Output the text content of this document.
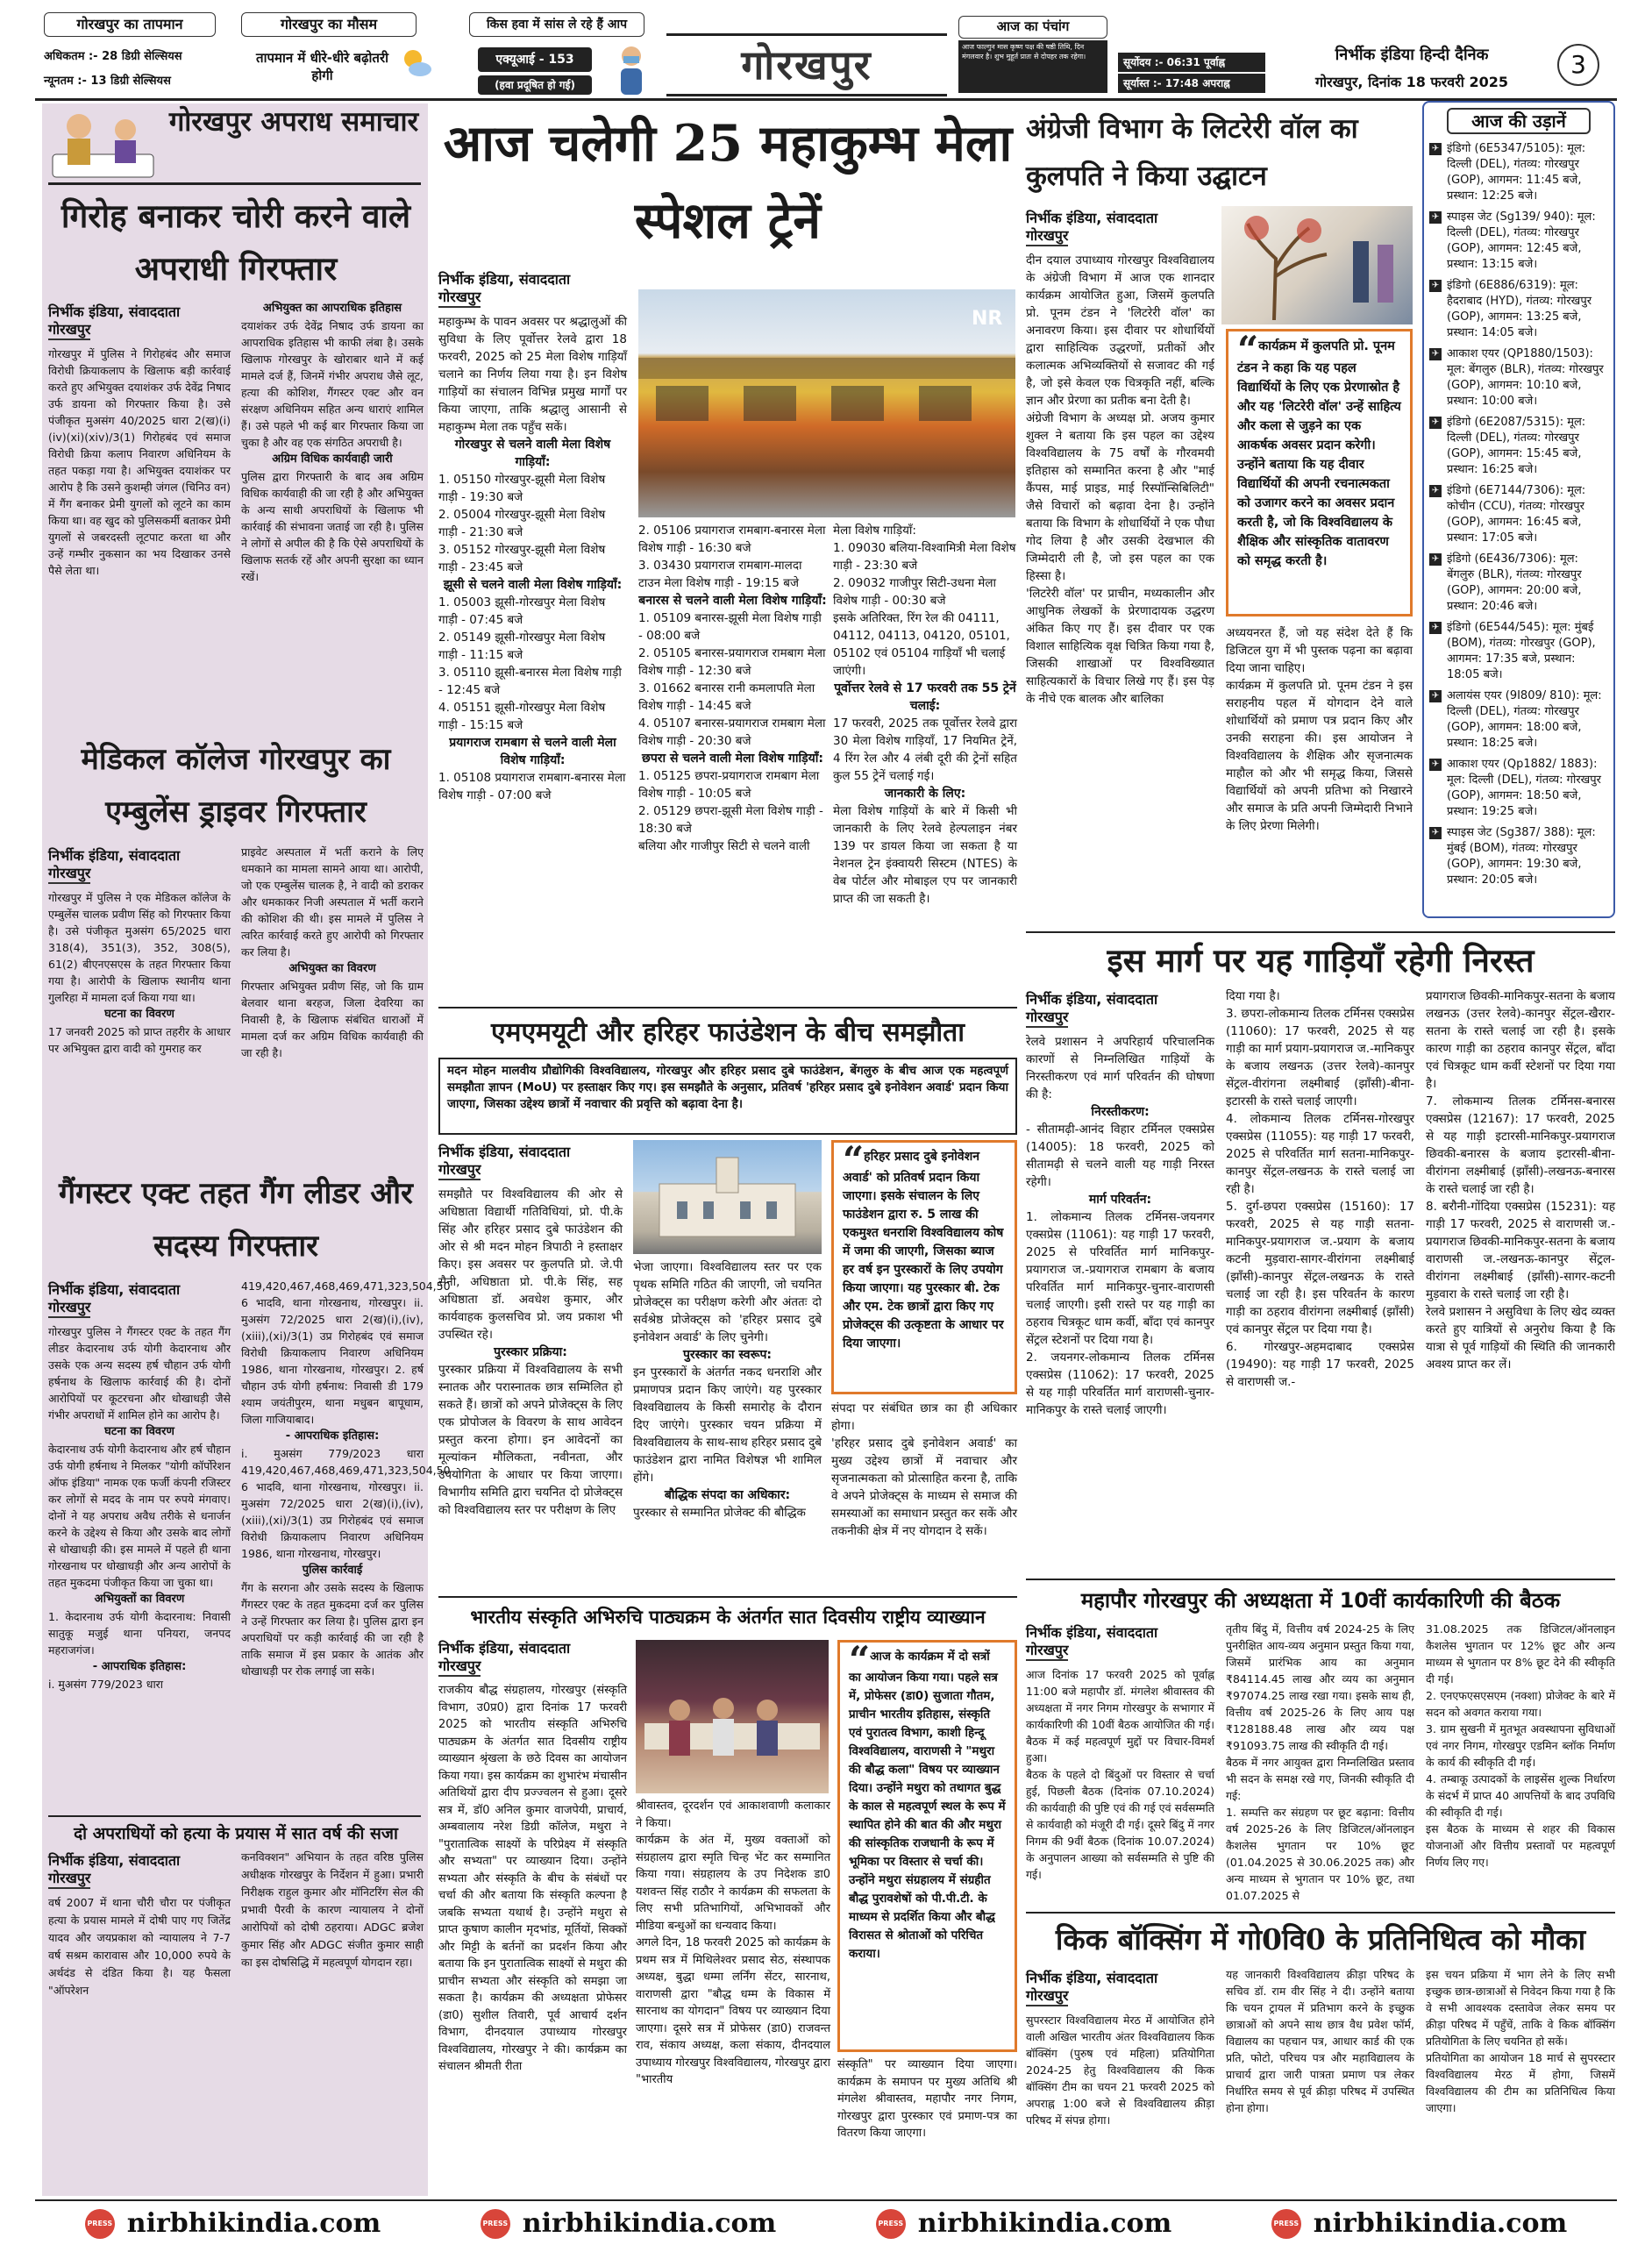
गोरखपुर का तापमान
अधिकतम :- 28 डिग्री सेल्सियस
न्यूनतम :- 13 डिग्री सेल्सियस
गोरखपुर का मौसम
तापमान में धीरे-धीरे बढ़ोतरी होगी
किस हवा में सांस ले रहे हैं आप
एक्यूआई - 153
(हवा प्रदूषित हो गई)	गोरखपुर
आज का पंचांग
आज फाल्गुन मास कृष्ण पक्ष की षष्ठी तिथि, दिन मंगलवार है। शुभ मुहूर्त प्रातः से दोपहर तक रहेगा।	सूर्योदय :- 06:31 पूर्वाह्न
सूर्यास्त :- 17:48 अपराह्न
निर्भीक इंडिया हिन्दी दैनिक
गोरखपुर, दिनांक 18 फरवरी 2025
3
गोरखपुर अपराध समाचार
गिरोह बनाकर चोरी करने वाले अपराधी गिरफ्तार
निर्भीक इंडिया, संवाददाता
गोरखपुर
गोरखपुर में पुलिस ने गिरोहबंद और समाज विरोधी क्रियाकलाप के खिलाफ बड़ी कार्रवाई करते हुए अभियुक्त दयाशंकर उर्फ देवेंद्र निषाद उर्फ डायना को गिरफ्तार किया है। उसे पंजीकृत मुअसंग 40/2025 धारा 2(ख)(i)(iv)(xi)(xiv)/3(1) गिरोहबंद एवं समाज विरोधी क्रिया कलाप निवारण अधिनियम के तहत पकड़ा गया है। अभियुक्त दयाशंकर पर आरोप है कि उसने कुशम्ही जंगल (चिनिउ वन) में गैंग बनाकर प्रेमी युगलों को लूटने का काम किया था। वह खुद को पुलिसकर्मी बताकर प्रेमी युगलों से जबरदस्ती लूटपाट करता था और उन्हें गम्भीर नुकसान का भय दिखाकर उनसे पैसे लेता था।
अभियुक्त का आपराधिक इतिहास
दयाशंकर उर्फ देवेंद्र निषाद उर्फ डायना का आपराधिक इतिहास भी काफी लंबा है। उसके खिलाफ गोरखपुर के खोराबार थाने में कई मामले दर्ज हैं, जिनमें गंभीर अपराध जैसे लूट, हत्या की कोशिश, गैंगस्टर एक्ट और वन संरक्षण अधिनियम सहित अन्य धाराएं शामिल हैं। उसे पहले भी कई बार गिरफ्तार किया जा चुका है और वह एक संगठित अपराधी है।
अग्रिम विधिक कार्यवाही जारी
पुलिस द्वारा गिरफ्तारी के बाद अब अग्रिम विधिक कार्यवाही की जा रही है और अभियुक्त के अन्य साथी अपराधियों के खिलाफ भी कार्रवाई की संभावना जताई जा रही है। पुलिस ने लोगों से अपील की है कि ऐसे अपराधियों के खिलाफ सतर्क रहें और अपनी सुरक्षा का ध्यान रखें।
मेडिकल कॉलेज गोरखपुर का एम्बुलेंस ड्राइवर गिरफ्तार
निर्भीक इंडिया, संवाददाता
गोरखपुर
गोरखपुर में पुलिस ने एक मेडिकल कॉलेज के एम्बुलेंस चालक प्रवीण सिंह को गिरफ्तार किया है। उसे पंजीकृत मुअसंग 65/2025 धारा 318(4), 351(3), 352, 308(5), 61(2) बीएनएसएस के तहत गिरफ्तार किया गया है। आरोपी के खिलाफ स्थानीय थाना गुलरिहा में मामला दर्ज किया गया था।
घटना का विवरण
17 जनवरी 2025 को प्राप्त तहरीर के आधार पर अभियुक्त द्वारा वादी को गुमराह कर
प्राइवेट अस्पताल में भर्ती कराने के लिए धमकाने का मामला सामने आया था। आरोपी, जो एक एम्बुलेंस चालक है, ने वादी को डराकर और धमकाकर निजी अस्पताल में भर्ती कराने की कोशिश की थी। इस मामले में पुलिस ने त्वरित कार्रवाई करते हुए आरोपी को गिरफ्तार कर लिया है।
अभियुक्त का विवरण
गिरफ्तार अभियुक्त प्रवीण सिंह, जो कि ग्राम बेलवार थाना बरहज, जिला देवरिया का निवासी है, के खिलाफ संबंधित धाराओं में मामला दर्ज कर अग्रिम विधिक कार्यवाही की जा रही है।
गैंगस्टर एक्ट तहत गैंग लीडर और सदस्य गिरफ्तार
निर्भीक इंडिया, संवाददाता
गोरखपुर
गोरखपुर पुलिस ने गैंगस्टर एक्ट के तहत गैंग लीडर केदारनाथ उर्फ योगी केदारनाथ और उसके एक अन्य सदस्य हर्ष चौहान उर्फ योगी हर्षनाथ के खिलाफ कार्रवाई की है। दोनों आरोपियों पर कूटरचना और धोखाधड़ी जैसे गंभीर अपराधों में शामिल होने का आरोप है।
घटना का विवरण
केदारनाथ उर्फ योगी केदारनाथ और हर्ष चौहान उर्फ योगी हर्षनाथ ने मिलकर "योगी कॉर्पोरेशन ऑफ इंडिया" नामक एक फर्जी कंपनी रजिस्टर कर लोगों से मदद के नाम पर रुपये मंगवाए। दोनों ने यह अपराध अवैध तरीके से धनार्जन करने के उद्देश्य से किया और उसके बाद लोगों से धोखाधड़ी की। इस मामले में पहले ही थाना गोरखनाथ पर धोखाधड़ी और अन्य आरोपों के तहत मुकदमा पंजीकृत किया जा चुका था।
अभियुक्तों का विवरण
1. केदारनाथ उर्फ योगी केदारनाथ: निवासी सातुकू मजुई थाना पनियरा, जनपद महराजगंज।
- आपराधिक इतिहास:
i. मुअसंग 779/2023 धारा
419,420,467,468,469,471,323,504,50 6 भादवि, थाना गोरखनाथ, गोरखपुर। ii. मुअसंग 72/2025 धारा 2(ख)(i),(iv),(xiii),(xi)/3(1) उप्र गिरोहबंद एवं समाज विरोधी क्रियाकलाप निवारण अधिनियम 1986, थाना गोरखनाथ, गोरखपुर। 2. हर्ष चौहान उर्फ योगी हर्षनाथ: निवासी डी 179 श्याम जयंतीपुरम, थाना मधुबन बापूधाम, जिला गाजियाबाद।
- आपराधिक इतिहास:
i. मुअसंग 779/2023 धारा 419,420,467,468,469,471,323,504,50 6 भादवि, थाना गोरखनाथ, गोरखपुर। ii. मुअसंग 72/2025 धारा 2(ख)(i),(iv),(xiii),(xi)/3(1) उप्र गिरोहबंद एवं समाज विरोधी क्रियाकलाप निवारण अधिनियम 1986, थाना गोरखनाथ, गोरखपुर।
पुलिस कार्रवाई
गैंग के सरगना और उसके सदस्य के खिलाफ गैंगस्टर एक्ट के तहत मुकदमा दर्ज कर पुलिस ने उन्हें गिरफ्तार कर लिया है। पुलिस द्वारा इन अपराधियों पर कड़ी कार्रवाई की जा रही है ताकि समाज में इस प्रकार के आतंक और धोखाधड़ी पर रोक लगाई जा सके।
दो अपराधियों को हत्या के प्रयास में सात वर्ष की सजा
निर्भीक इंडिया, संवाददाता
गोरखपुर
वर्ष 2007 में थाना चौरी चौरा पर पंजीकृत हत्या के प्रयास मामले में दोषी पाए गए जितेंद्र यादव और जयप्रकाश को न्यायालय ने 7-7 वर्ष सश्रम कारावास और 10,000 रुपये के अर्थदंड से दंडित किया है। यह फैसला "ऑपरेशन
कनविक्शन" अभियान के तहत वरिष्ठ पुलिस अधीक्षक गोरखपुर के निर्देशन में हुआ। प्रभारी निरीक्षक राहुल कुमार और मॉनिटरिंग सेल की प्रभावी पैरवी के कारण न्यायालय ने दोनों आरोपियों को दोषी ठहराया। ADGC ब्रजेश कुमार सिंह और ADGC संजीत कुमार साही का इस दोषसिद्धि में महत्वपूर्ण योगदान रहा।
आज चलेगी 25 महाकुम्भ मेला स्पेशल ट्रेनें
निर्भीक इंडिया, संवाददाता
गोरखपुर
महाकुम्भ के पावन अवसर पर श्रद्धालुओं की सुविधा के लिए पूर्वोत्तर रेलवे द्वारा 18 फरवरी, 2025 को 25 मेला विशेष गाड़ियाँ चलाने का निर्णय लिया गया है। इन विशेष गाड़ियों का संचालन विभिन्न प्रमुख मार्गों पर किया जाएगा, ताकि श्रद्धालु आसानी से महाकुम्भ मेला तक पहुँच सकें।
गोरखपुर से चलने वाली मेला विशेष गाड़ियाँ:
1. 05150 गोरखपुर-झूसी मेला विशेष गाड़ी - 19:30 बजे
2. 05004 गोरखपुर-झूसी मेला विशेष गाड़ी - 21:30 बजे
3. 05152 गोरखपुर-झूसी मेला विशेष गाड़ी - 23:45 बजे
झूसी से चलने वाली मेला विशेष गाड़ियाँ:
1. 05003 झूसी-गोरखपुर मेला विशेष गाड़ी - 07:45 बजे
2. 05149 झूसी-गोरखपुर मेला विशेष गाड़ी - 11:15 बजे
3. 05110 झूसी-बनारस मेला विशेष गाड़ी - 12:45 बजे
4. 05151 झूसी-गोरखपुर मेला विशेष गाड़ी - 15:15 बजे
प्रयागराज रामबाग से चलने वाली मेला विशेष गाड़ियाँ:
1. 05108 प्रयागराज रामबाग-बनारस मेला विशेष गाड़ी - 07:00 बजे
NR
2. 05106 प्रयागराज रामबाग-बनारस मेला विशेष गाड़ी - 16:30 बजे
3. 03430 प्रयागराज रामबाग-मालदा टाउन मेला विशेष गाड़ी - 19:15 बजे
बनारस से चलने वाली मेला विशेष गाड़ियाँ:
1. 05109 बनारस-झूसी मेला विशेष गाड़ी - 08:00 बजे
2. 05105 बनारस-प्रयागराज रामबाग मेला विशेष गाड़ी - 12:30 बजे
3. 01662 बनारस रानी कमलापति मेला विशेष गाड़ी - 14:45 बजे
4. 05107 बनारस-प्रयागराज रामबाग मेला विशेष गाड़ी - 20:30 बजे
छपरा से चलने वाली मेला विशेष गाड़ियाँ:
1. 05125 छपरा-प्रयागराज रामबाग मेला विशेष गाड़ी - 10:05 बजे
2. 05129 छपरा-झूसी मेला विशेष गाड़ी - 18:30 बजे
बलिया और गाजीपुर सिटी से चलने वाली
मेला विशेष गाड़ियाँ:
1. 09030 बलिया-विश्वामित्री मेला विशेष गाड़ी - 23:30 बजे
2. 09032 गाजीपुर सिटी-उधना मेला विशेष गाड़ी - 00:30 बजे
इसके अतिरिक्त, रिंग रेल की 04111, 04112, 04113, 04120, 05101, 05102 एवं 05104 गाड़ियाँ भी चलाई जाएंगी।
पूर्वोत्तर रेलवे से 17 फरवरी तक 55 ट्रेनें चलाई:
17 फरवरी, 2025 तक पूर्वोत्तर रेलवे द्वारा 30 मेला विशेष गाड़ियाँ, 17 नियमित ट्रेनें, 4 रिंग रेल और 4 लंबी दूरी की ट्रेनों सहित कुल 55 ट्रेनें चलाई गई।
जानकारी के लिए:
मेला विशेष गाड़ियों के बारे में किसी भी जानकारी के लिए रेलवे हेल्पलाइन नंबर 139 पर डायल किया जा सकता है या नेशनल ट्रेन इंक्वायरी सिस्टम (NTES) के वेब पोर्टल और मोबाइल एप पर जानकारी प्राप्त की जा सकती है।
एमएमयूटी और हरिहर फाउंडेशन के बीच समझौता
मदन मोहन मालवीय प्रौद्योगिकी विश्वविद्यालय, गोरखपुर और हरिहर प्रसाद दुबे फाउंडेशन, बेंगलुरु के बीच आज एक महत्वपूर्ण समझौता ज्ञापन (MoU) पर हस्ताक्षर किए गए। इस समझौते के अनुसार, प्रतिवर्ष 'हरिहर प्रसाद दुबे इनोवेशन अवार्ड' प्रदान किया जाएगा, जिसका उद्देश्य छात्रों में नवाचार की प्रवृत्ति को बढ़ावा देना है।
निर्भीक इंडिया, संवाददाता
गोरखपुर
समझौते पर विश्वविद्यालय की ओर से अधिष्ठाता विद्यार्थी गतिविधियां, प्रो. पी.के सिंह और हरिहर प्रसाद दुबे फाउंडेशन की ओर से श्री मदन मोहन त्रिपाठी ने हस्ताक्षर किए। इस अवसर पर कुलपति प्रो. जे.पी सैनी, अधिष्ठाता प्रो. पी.के सिंह, सह अधिष्ठाता डॉ. अवधेश कुमार, और कार्यवाहक कुलसचिव प्रो. जय प्रकाश भी उपस्थित रहे।
पुरस्कार प्रक्रिया:
पुरस्कार प्रक्रिया में विश्वविद्यालय के सभी स्नातक और परास्नातक छात्र सम्मिलित हो सकते हैं। छात्रों को अपने प्रोजेक्ट्स के लिए एक प्रोपोजल के विवरण के साथ आवेदन प्रस्तुत करना होगा। इन आवेदनों का मूल्यांकन मौलिकता, नवीनता, और उपयोगिता के आधार पर किया जाएगा। विभागीय समिति द्वारा चयनित दो प्रोजेक्ट्स को विश्वविद्यालय स्तर पर परीक्षण के लिए
भेजा जाएगा। विश्वविद्यालय स्तर पर एक पृथक समिति गठित की जाएगी, जो चयनित प्रोजेक्ट्स का परीक्षण करेगी और अंततः दो सर्वश्रेष्ठ प्रोजेक्ट्स को 'हरिहर प्रसाद दुबे इनोवेशन अवार्ड' के लिए चुनेगी।
पुरस्कार का स्वरूप:
इन पुरस्कारों के अंतर्गत नकद धनराशि और प्रमाणपत्र प्रदान किए जाएंगे। यह पुरस्कार विश्वविद्यालय के किसी समारोह के दौरान दिए जाएंगे। पुरस्कार चयन प्रक्रिया में विश्वविद्यालय के साथ-साथ हरिहर प्रसाद दुबे फाउंडेशन द्वारा नामित विशेषज्ञ भी शामिल होंगे।
बौद्धिक संपदा का अधिकार:
पुरस्कार से सम्मानित प्रोजेक्ट की बौद्धिक
“हरिहर प्रसाद दुबे इनोवेशन अवार्ड' को प्रतिवर्ष प्रदान किया जाएगा। इसके संचालन के लिए फाउंडेशन द्वारा रु. 5 लाख की एकमुश्त धनराशि विश्वविद्यालय कोष में जमा की जाएगी, जिसका ब्याज हर वर्ष इन पुरस्कारों के लिए उपयोग किया जाएगा। यह पुरस्कार बी. टेक और एम. टेक छात्रों द्वारा किए गए प्रोजेक्ट्स की उत्कृष्टता के आधार पर दिया जाएगा।
संपदा पर संबंधित छात्र का ही अधिकार होगा।
'हरिहर प्रसाद दुबे इनोवेशन अवार्ड' का मुख्य उद्देश्य छात्रों में नवाचार और सृजनात्मकता को प्रोत्साहित करना है, ताकि वे अपने प्रोजेक्ट्स के माध्यम से समाज की समस्याओं का समाधान प्रस्तुत कर सकें और तकनीकी क्षेत्र में नए योगदान दे सकें।
भारतीय संस्कृति अभिरुचि पाठ्यक्रम के अंतर्गत सात दिवसीय राष्ट्रीय व्याख्यान
निर्भीक इंडिया, संवाददाता
गोरखपुर
राजकीय बौद्ध संग्रहालय, गोरखपुर (संस्कृति विभाग, उ0प्र0) द्वारा दिनांक 17 फरवरी 2025 को भारतीय संस्कृति अभिरुचि पाठ्यक्रम के अंतर्गत सात दिवसीय राष्ट्रीय व्याख्यान श्रृंखला के छठे दिवस का आयोजन किया गया। इस कार्यक्रम का शुभारंभ मंचासीन अतिथियों द्वारा दीप प्रज्ज्वलन से हुआ। दूसरे सत्र में, डॉ0 अनिल कुमार वाजपेयी, प्राचार्य, अम्बवालाय नरेश डिग्री कॉलेज, मथुरा ने "पुरातात्विक साक्ष्यों के परिप्रेक्ष्य में संस्कृति और सभ्यता" पर व्याख्यान दिया। उन्होंने सभ्यता और संस्कृति के बीच के संबंधों पर चर्चा की और बताया कि संस्कृति कल्पना है जबकि सभ्यता यथार्थ है। उन्होंने मथुरा से प्राप्त कुषाण कालीन मृदभांड, मूर्तियों, सिक्कों और मिट्टी के बर्तनों का प्रदर्शन किया और बताया कि इन पुरातात्विक साक्ष्यों से मथुरा की प्राचीन सभ्यता और संस्कृति को समझा जा सकता है। कार्यक्रम की अध्यक्षता प्रोफेसर (डा0) सुशील तिवारी, पूर्व आचार्य दर्शन विभाग, दीनदयाल उपाध्याय गोरखपुर विश्वविद्यालय, गोरखपुर ने की। कार्यक्रम का संचालन श्रीमती रीता
श्रीवास्तव, दूरदर्शन एवं आकाशवाणी कलाकार ने किया।
कार्यक्रम के अंत में, मुख्य वक्ताओं को संग्रहालय द्वारा स्मृति चिन्ह भेंट कर सम्मानित किया गया। संग्रहालय के उप निदेशक डा0 यशवन्त सिंह राठौर ने कार्यक्रम की सफलता के लिए सभी प्रतिभागियों, अभिभावकों और मीडिया बन्धुओं का धन्यवाद किया।
अगले दिन, 18 फरवरी 2025 को कार्यक्रम के प्रथम सत्र में मिथिलेश्वर प्रसाद सेठ, संस्थापक अध्यक्ष, बुद्धा धम्मा लर्निंग सेंटर, सारनाथ, वाराणसी द्वारा "बौद्ध धम्म के विकास में सारनाथ का योगदान" विषय पर व्याख्यान दिया जाएगा। दूसरे सत्र में प्रोफेसर (डा0) राजवन्त राव, संकाय अध्यक्ष, कला संकाय, दीनदयाल उपाध्याय गोरखपुर विश्वविद्यालय, गोरखपुर द्वारा "भारतीय
“आज के कार्यक्रम में दो सत्रों का आयोजन किया गया। पहले सत्र में, प्रोफेसर (डा0) सुजाता गौतम, प्राचीन भारतीय इतिहास, संस्कृति एवं पुरातत्व विभाग, काशी हिन्दू विश्वविद्यालय, वाराणसी ने "मथुरा की बौद्ध कला" विषय पर व्याख्यान दिया। उन्होंने मथुरा को तथागत बुद्ध के काल से महत्वपूर्ण स्थल के रूप में स्थापित होने की बात की और मथुरा की सांस्कृतिक राजधानी के रूप में भूमिका पर विस्तार से चर्चा की। उन्होंने मथुरा संग्रहालय में संग्रहीत बौद्ध पुरावशेषों को पी.पी.टी. के माध्यम से प्रदर्शित किया और बौद्ध विरासत से श्रोताओं को परिचित कराया।
संस्कृति" पर व्याख्यान दिया जाएगा। कार्यक्रम के समापन पर मुख्य अतिथि श्री मंगलेश श्रीवास्तव, महापौर नगर निगम, गोरखपुर द्वारा पुरस्कार एवं प्रमाण-पत्र का वितरण किया जाएगा।
अंग्रेजी विभाग के लिटरेरी वॉल का कुलपति ने किया उद्घाटन
निर्भीक इंडिया, संवाददाता
गोरखपुर
दीन दयाल उपाध्याय गोरखपुर विश्वविद्यालय के अंग्रेजी विभाग में आज एक शानदार कार्यक्रम आयोजित हुआ, जिसमें कुलपति प्रो. पूनम टंडन ने 'लिटरेरी वॉल' का अनावरण किया। इस दीवार पर शोधार्थियों द्वारा साहित्यिक उद्धरणों, प्रतीकों और कलात्मक अभिव्यक्तियों से सजावट की गई है, जो इसे केवल एक चित्रकृति नहीं, बल्कि ज्ञान और प्रेरणा का प्रतीक बना देती है।
अंग्रेजी विभाग के अध्यक्ष प्रो. अजय कुमार शुक्ल ने बताया कि इस पहल का उद्देश्य विश्वविद्यालय के 75 वर्षों के गौरवमयी इतिहास को सम्मानित करना है और "माई कैंपस, माई प्राइड, माई रिस्पॉन्सिबिलिटी" जैसे विचारों को बढ़ावा देना है। उन्होंने बताया कि विभाग के शोधार्थियों ने एक पौधा गोद लिया है और उसकी देखभाल की जिम्मेदारी ली है, जो इस पहल का एक हिस्सा है।
'लिटरेरी वॉल' पर प्राचीन, मध्यकालीन और आधुनिक लेखकों के प्रेरणादायक उद्धरण अंकित किए गए हैं। इस दीवार पर एक विशाल साहित्यिक वृक्ष चित्रित किया गया है, जिसकी शाखाओं पर विश्वविख्यात साहित्यकारों के विचार लिखे गए हैं। इस पेड़ के नीचे एक बालक और बालिका
“कार्यक्रम में कुलपति प्रो. पूनम टंडन ने कहा कि यह पहल विद्यार्थियों के लिए एक प्रेरणास्रोत है और यह 'लिटरेरी वॉल' उन्हें साहित्य और कला से जुड़ने का एक आकर्षक अवसर प्रदान करेगी। उन्होंने बताया कि यह दीवार विद्यार्थियों की अपनी रचनात्मकता को उजागर करने का अवसर प्रदान करती है, जो कि विश्वविद्यालय के शैक्षिक और सांस्कृतिक वातावरण को समृद्ध करती है।
अध्ययनरत हैं, जो यह संदेश देते हैं कि डिजिटल युग में भी पुस्तक पढ़ना का बढ़ावा दिया जाना चाहिए।
कार्यक्रम में कुलपति प्रो. पूनम टंडन ने इस सराहनीय पहल में योगदान देने वाले शोधार्थियों को प्रमाण पत्र प्रदान किए और उनकी सराहना की। इस आयोजन ने विश्वविद्यालय के शैक्षिक और सृजनात्मक माहौल को और भी समृद्ध किया, जिससे विद्यार्थियों को अपनी प्रतिभा को निखारने और समाज के प्रति अपनी जिम्मेदारी निभाने के लिए प्रेरणा मिलेगी।
आज की उड़ानें
✈ इंडिगो (6E5347/5105): मूल: दिल्ली (DEL), गंतव्य: गोरखपुर (GOP), आगमन: 11:45 बजे, प्रस्थान: 12:25 बजे।
✈ स्पाइस जेट (Sg139/ 940): मूल: दिल्ली (DEL), गंतव्य: गोरखपुर (GOP), आगमन: 12:45 बजे, प्रस्थान: 13:15 बजे।
✈ इंडिगो (6E886/6319): मूल: हैदराबाद (HYD), गंतव्य: गोरखपुर (GOP), आगमन: 13:25 बजे, प्रस्थान: 14:05 बजे।
✈ आकाश एयर (QP1880/1503): मूल: बेंगलुरु (BLR), गंतव्य: गोरखपुर (GOP), आगमन: 10:10 बजे, प्रस्थान: 10:00 बजे।
✈ इंडिगो (6E2087/5315): मूल: दिल्ली (DEL), गंतव्य: गोरखपुर (GOP), आगमन: 15:45 बजे, प्रस्थान: 16:25 बजे।
✈ इंडिगो (6E7144/7306): मूल: कोचीन (CCU), गंतव्य: गोरखपुर (GOP), आगमन: 16:45 बजे, प्रस्थान: 17:05 बजे।
✈ इंडिगो (6E436/7306): मूल: बेंगलुरु (BLR), गंतव्य: गोरखपुर (GOP), आगमन: 20:00 बजे, प्रस्थान: 20:46 बजे।
✈ इंडिगो (6E544/545): मूल: मुंबई (BOM), गंतव्य: गोरखपुर (GOP), आगमन: 17:35 बजे, प्रस्थान: 18:05 बजे।
✈ अलायंस एयर (9I809/ 810): मूल: दिल्ली (DEL), गंतव्य: गोरखपुर (GOP), आगमन: 18:00 बजे, प्रस्थान: 18:25 बजे।
✈ आकाश एयर (Qp1882/ 1883): मूल: दिल्ली (DEL), गंतव्य: गोरखपुर (GOP), आगमन: 18:50 बजे, प्रस्थान: 19:25 बजे।
✈ स्पाइस जेट (Sg387/ 388): मूल: मुंबई (BOM), गंतव्य: गोरखपुर (GOP), आगमन: 19:30 बजे, प्रस्थान: 20:05 बजे।
इस मार्ग पर यह गाड़ियाँ रहेगी निरस्त
निर्भीक इंडिया, संवाददाता
गोरखपुर
रेलवे प्रशासन ने अपरिहार्य परिचालनिक कारणों से निम्नलिखित गाड़ियों के निरस्तीकरण एवं मार्ग परिवर्तन की घोषणा की है:
निरस्तीकरण:
- सीतामढ़ी-आनंद विहार टर्मिनल एक्सप्रेस (14005): 18 फरवरी, 2025 को सीतामढ़ी से चलने वाली यह गाड़ी निरस्त रहेगी।
मार्ग परिवर्तन:
1. लोकमान्य तिलक टर्मिनस-जयनगर एक्सप्रेस (11061): यह गाड़ी 17 फरवरी, 2025 से परिवर्तित मार्ग मानिकपुर-प्रयागराज ज.-प्रयागराज रामबाग के बजाय परिवर्तित मार्ग मानिकपुर-चुनार-वाराणसी चलाई जाएगी। इसी रास्ते पर यह गाड़ी का ठहराव चित्रकूट धाम कर्वी, बाँदा एवं कानपुर सेंट्रल स्टेशनों पर दिया गया है।
2. जयनगर-लोकमान्य तिलक टर्मिनस एक्सप्रेस (11062): 17 फरवरी, 2025 से यह गाड़ी परिवर्तित मार्ग वाराणसी-चुनार-मानिकपुर के रास्ते चलाई जाएगी।
दिया गया है।
3. छपरा-लोकमान्य तिलक टर्मिनस एक्सप्रेस (11060): 17 फरवरी, 2025 से यह गाड़ी का मार्ग प्रयाग-प्रयागराज ज.-मानिकपुर के बजाय लखनऊ (उत्तर रेलवे)-कानपुर सेंट्रल-वीरांगना लक्ष्मीबाई (झाँसी)-बीना-इटारसी के रास्ते चलाई जाएगी।
4. लोकमान्य तिलक टर्मिनस-गोरखपुर एक्सप्रेस (11055): यह गाड़ी 17 फरवरी, 2025 से परिवर्तित मार्ग सतना-मानिकपुर-कानपुर सेंट्रल-लखनऊ के रास्ते चलाई जा रही है।
5. दुर्ग-छपरा एक्सप्रेस (15160): 17 फरवरी, 2025 से यह गाड़ी सतना-मानिकपुर-प्रयागराज ज.-प्रयाग के बजाय कटनी मुड़वारा-सागर-वीरांगना लक्ष्मीबाई (झाँसी)-कानपुर सेंट्रल-लखनऊ के रास्ते चलाई जा रही है। इस परिवर्तन के कारण गाड़ी का ठहराव वीरांगना लक्ष्मीबाई (झाँसी) एवं कानपुर सेंट्रल पर दिया गया है।
6. गोरखपुर-अहमदाबाद एक्सप्रेस (19490): यह गाड़ी 17 फरवरी, 2025 से वाराणसी ज.-
प्रयागराज छिवकी-मानिकपुर-सतना के बजाय लखनऊ (उत्तर रेलवे)-कानपुर सेंट्रल-खैरार-सतना के रास्ते चलाई जा रही है। इसके कारण गाड़ी का ठहराव कानपुर सेंट्रल, बाँदा एवं चित्रकूट धाम कर्वी स्टेशनों पर दिया गया है।
7. लोकमान्य तिलक टर्मिनस-बनारस एक्सप्रेस (12167): 17 फरवरी, 2025 से यह गाड़ी इटारसी-मानिकपुर-प्रयागराज छिवकी-बनारस के बजाय इटारसी-बीना-वीरांगना लक्ष्मीबाई (झाँसी)-लखनऊ-बनारस के रास्ते चलाई जा रही है।
8. बरौनी-गोंदिया एक्सप्रेस (15231): यह गाड़ी 17 फरवरी, 2025 से वाराणसी ज.-प्रयागराज छिवकी-मानिकपुर-सतना के बजाय वाराणसी ज.-लखनऊ-कानपुर सेंट्रल-वीरांगना लक्ष्मीबाई (झाँसी)-सागर-कटनी मुड़वारा के रास्ते चलाई जा रही है।
रेलवे प्रशासन ने असुविधा के लिए खेद व्यक्त करते हुए यात्रियों से अनुरोध किया है कि यात्रा से पूर्व गाड़ियों की स्थिति की जानकारी अवश्य प्राप्त कर लें।
महापौर गोरखपुर की अध्यक्षता में 10वीं कार्यकारिणी की बैठक
निर्भीक इंडिया, संवाददाता
गोरखपुर
आज दिनांक 17 फरवरी 2025 को पूर्वाह्न 11:00 बजे महापौर डॉ. मंगलेश श्रीवास्तव की अध्यक्षता में नगर निगम गोरखपुर के सभागार में कार्यकारिणी की 10वीं बैठक आयोजित की गई। बैठक में कई महत्वपूर्ण मुद्दों पर विचार-विमर्श हुआ।
बैठक के पहले दो बिंदुओं पर विस्तार से चर्चा हुई, पिछली बैठक (दिनांक 07.10.2024) की कार्यवाही की पुष्टि एवं की गई एवं सर्वसम्मति से कार्यवाही को मंजूरी दी गई। दूसरे बिंदु में नगर निगम की 9वीं बैठक (दिनांक 10.07.2024) के अनुपालन आख्या को सर्वसम्मति से पुष्टि की गई।
तृतीय बिंदु में, वित्तीय वर्ष 2024-25 के लिए पुनरीक्षित आय-व्यय अनुमान प्रस्तुत किया गया, जिसमें प्रारंभिक आय का अनुमान ₹84114.45 लाख और व्यय का अनुमान ₹97074.25 लाख रखा गया। इसके साथ ही, वित्तीय वर्ष 2025-26 के लिए आय पक्ष ₹128188.48 लाख और व्यय पक्ष ₹91093.75 लाख की स्वीकृति दी गई।
बैठक में नगर आयुक्त द्वारा निम्नलिखित प्रस्ताव भी सदन के समक्ष रखे गए, जिनकी स्वीकृति दी गई:
1. सम्पत्ति कर संग्रहण पर छूट बढ़ाना: वित्तीय वर्ष 2025-26 के लिए डिजिटल/ऑनलाइन कैशलेस भुगतान पर 10% छूट (01.04.2025 से 30.06.2025 तक) और अन्य माध्यम से भुगतान पर 10% छूट, तथा 01.07.2025 से
31.08.2025 तक डिजिटल/ऑनलाइन कैशलेस भुगतान पर 12% छूट और अन्य माध्यम से भुगतान पर 8% छूट देने की स्वीकृति दी गई।
2. एनएफएसएसएम (नक्शा) प्रोजेक्ट के बारे में सदन को अवगत कराया गया।
3. ग्राम सुखनी में मुतभूत अवस्थापना सुविधाओं एवं नगर निगम, गोरखपुर एडमिन ब्लॉक निर्माण के कार्य की स्वीकृति दी गई।
4. तम्बाकू उत्पादकों के लाइसेंस शुल्क निर्धारण के संदर्भ में प्राप्त 40 आपत्तियों के बाद उपविधि की स्वीकृति दी गई।
इस बैठक के माध्यम से शहर की विकास योजनाओं और वित्तीय प्रस्तावों पर महत्वपूर्ण निर्णय लिए गए।
किक बॉक्सिंग में गो0वि0 के प्रतिनिधित्व को मौका
निर्भीक इंडिया, संवाददाता
गोरखपुर
सुपरस्टार विश्वविद्यालय मेरठ में आयोजित होने वाली अखिल भारतीय अंतर विश्वविद्यालय किक बॉक्सिंग (पुरुष एवं महिला) प्रतियोगिता 2024-25 हेतु विश्वविद्यालय की किक बॉक्सिंग टीम का चयन 21 फरवरी 2025 को अपराह्न 1:00 बजे से विश्वविद्यालय क्रीड़ा परिषद में संपन्न होगा।
यह जानकारी विश्वविद्यालय क्रीड़ा परिषद के सचिव डॉ. राम वीर सिंह ने दी। उन्होंने बताया कि चयन ट्रायल में प्रतिभाग करने के इच्छुक छात्राओं को अपने साथ छात्र वैध प्रवेश फॉर्म, विद्यालय का पहचान पत्र, आधार कार्ड की एक प्रति, फोटो, परिचय पत्र और महाविद्यालय के प्राचार्य द्वारा जारी पात्रता प्रमाण पत्र लेकर निर्धारित समय से पूर्व क्रीड़ा परिषद में उपस्थित होना होगा।
इस चयन प्रक्रिया में भाग लेने के लिए सभी इच्छुक छात्र-छात्राओं से निवेदन किया गया है कि वे सभी आवश्यक दस्तावेज लेकर समय पर क्रीड़ा परिषद में पहुँचें, ताकि वे किक बॉक्सिंग प्रतियोगिता के लिए चयनित हो सकें।
प्रतियोगिता का आयोजन 18 मार्च से सुपरस्टार विश्वविद्यालय मेरठ में होगा, जिसमें विश्वविद्यालय की टीम का प्रतिनिधित्व किया जाएगा।
PRESS nirbhikindia.com	PRESS nirbhikindia.com	PRESS nirbhikindia.com	PRESS nirbhikindia.com
